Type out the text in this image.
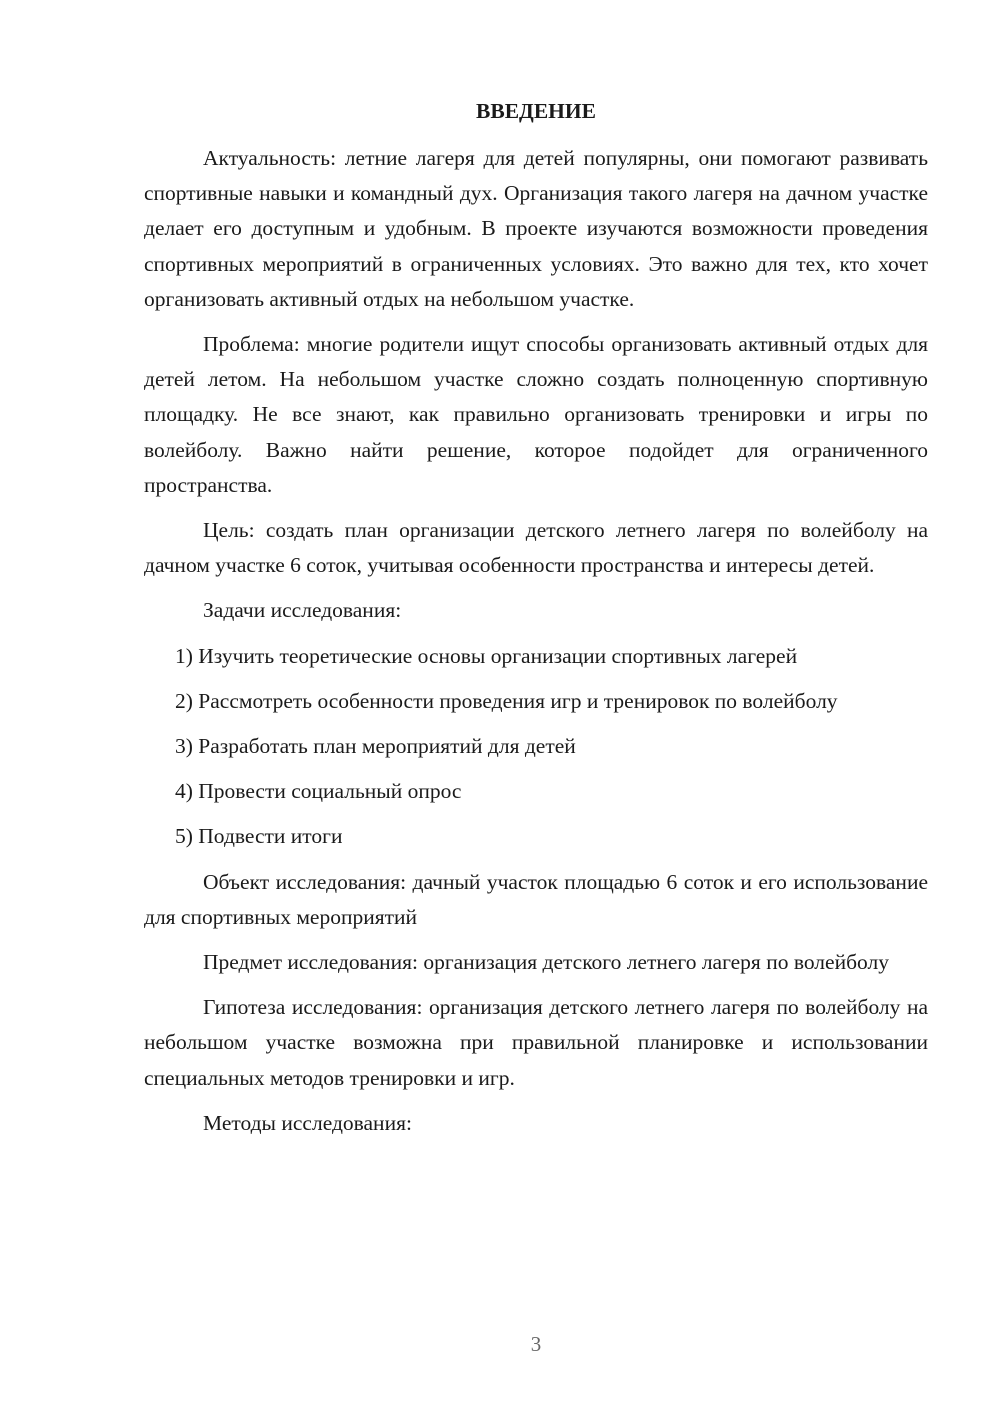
ВВЕДЕНИЕ

Актуальность: летние лагеря для детей популярны, они помогают развивать спортивные навыки и командный дух. Организация такого лагеря на дачном участке делает его доступным и удобным. В проекте изучаются возможности проведения спортивных мероприятий в ограниченных условиях. Это важно для тех, кто хочет организовать активный отдых на небольшом участке.

Проблема: многие родители ищут способы организовать активный отдых для детей летом. На небольшом участке сложно создать полноценную спортивную площадку. Не все знают, как правильно организовать тренировки и игры по волейболу. Важно найти решение, которое подойдет для ограниченного пространства.

Цель: создать план организации детского летнего лагеря по волейболу на дачном участке 6 соток, учитывая особенности пространства и интересы детей.

Задачи исследования:

1) Изучить теоретические основы организации спортивных лагерей

2) Рассмотреть особенности проведения игр и тренировок по волейболу

3) Разработать план мероприятий для детей

4) Провести социальный опрос

5) Подвести итоги

Объект исследования: дачный участок площадью 6 соток и его использование для спортивных мероприятий

Предмет исследования: организация детского летнего лагеря по волейболу

Гипотеза исследования: организация детского летнего лагеря по волейболу на небольшом участке возможна при правильной планировке и использовании специальных методов тренировки и игр.

Методы исследования:

3
